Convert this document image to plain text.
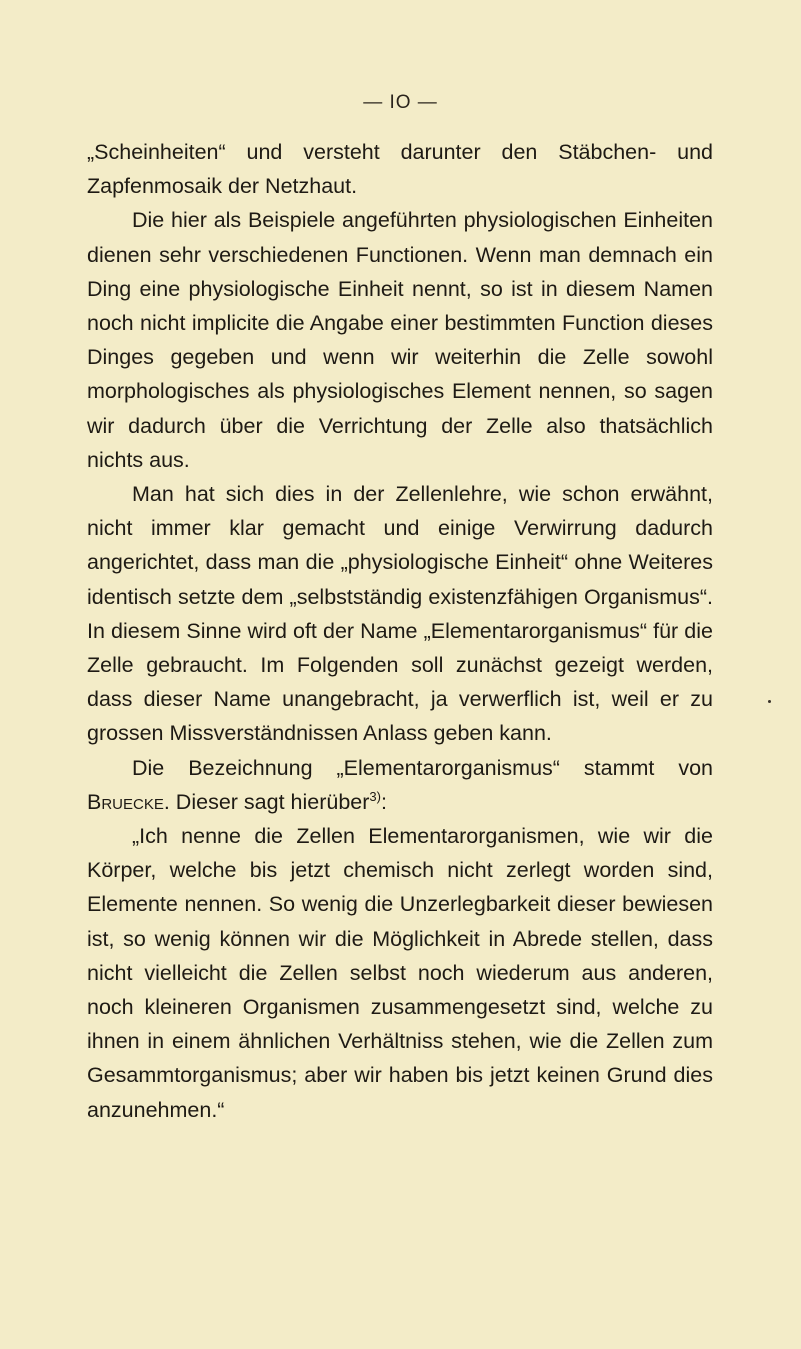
— IO —

„Scheinheiten“ und versteht darunter den Stäbchen- und Zapfenmosaik der Netzhaut.

Die hier als Beispiele angeführten physiologischen Einheiten dienen sehr verschiedenen Functionen. Wenn man demnach ein Ding eine physiologische Einheit nennt, so ist in diesem Namen noch nicht implicite die Angabe einer bestimmten Function dieses Dinges gegeben und wenn wir weiterhin die Zelle sowohl morphologisches als physiologisches Element nennen, so sagen wir dadurch über die Verrichtung der Zelle also thatsächlich nichts aus.

Man hat sich dies in der Zellenlehre, wie schon erwähnt, nicht immer klar gemacht und einige Verwirrung dadurch angerichtet, dass man die „physiologische Einheit“ ohne Weiteres identisch setzte dem „selbstständig existenzfähigen Organismus“. In diesem Sinne wird oft der Name „Elementarorganismus“ für die Zelle gebraucht. Im Folgenden soll zunächst gezeigt werden, dass dieser Name unangebracht, ja verwerflich ist, weil er zu grossen Missverständnissen Anlass geben kann.

Die Bezeichnung „Elementarorganismus“ stammt von Bruecke. Dieser sagt hierüber$^{3)}$:

„Ich nenne die Zellen Elementarorganismen, wie wir die Körper, welche bis jetzt chemisch nicht zerlegt worden sind, Elemente nennen. So wenig die Unzerlegbarkeit dieser bewiesen ist, so wenig können wir die Möglichkeit in Abrede stellen, dass nicht vielleicht die Zellen selbst noch wiederum aus anderen, noch kleineren Organismen zusammengesetzt sind, welche zu ihnen in einem ähnlichen Verhältniss stehen, wie die Zellen zum Gesammtorganismus; aber wir haben bis jetzt keinen Grund dies anzunehmen.“
